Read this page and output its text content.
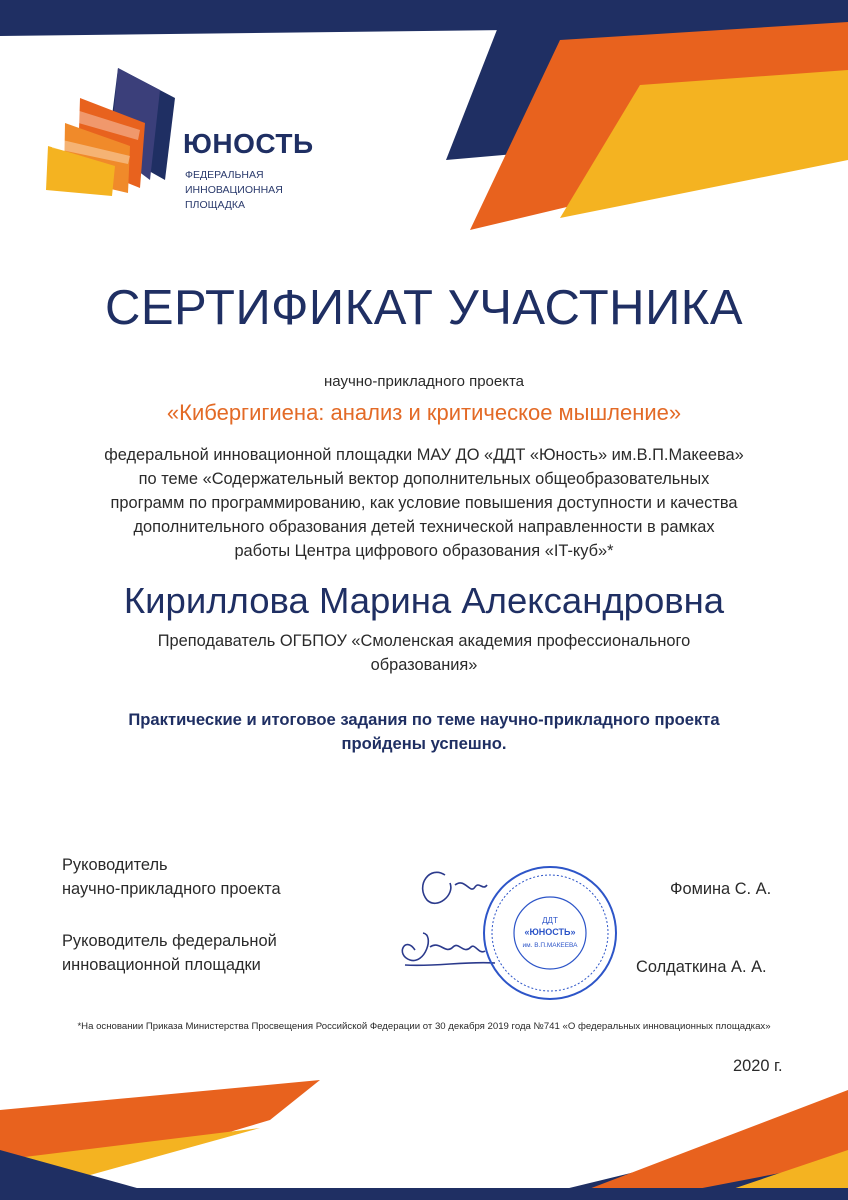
ЮНОСТЬ
ФЕДЕРАЛЬНАЯ
ИННОВАЦИОННАЯ
ПЛОЩАДКА
СЕРТИФИКАТ УЧАСТНИКА
научно-прикладного проекта
«Кибергигиена: анализ и критическое мышление»
федеральной инновационной площадки МАУ ДО «ДДТ «Юность» им.В.П.Макеева»
по теме «Содержательный вектор дополнительных общеобразовательных
программ по программированию, как условие повышения доступности и качества
дополнительного образования детей технической направленности в рамках
работы Центра цифрового образования «IT-куб»*
Кириллова Марина Александровна
Преподаватель ОГБПОУ «Смоленская академия профессионального
образования»
Практические и итоговое задания по теме научно-прикладного проекта
пройдены успешно.
Руководитель
научно-прикладного проекта	Фомина С. А.
Руководитель федеральной
инновационной площадки	Солдаткина А. А.
ДДТ
«ЮНОСТЬ»
им. В.П.МАКЕЕВА
*На основании Приказа Министерства Просвещения Российской Федерации от 30 декабря 2019 года №741 «О федеральных инновационных площадках»
2020 г.
